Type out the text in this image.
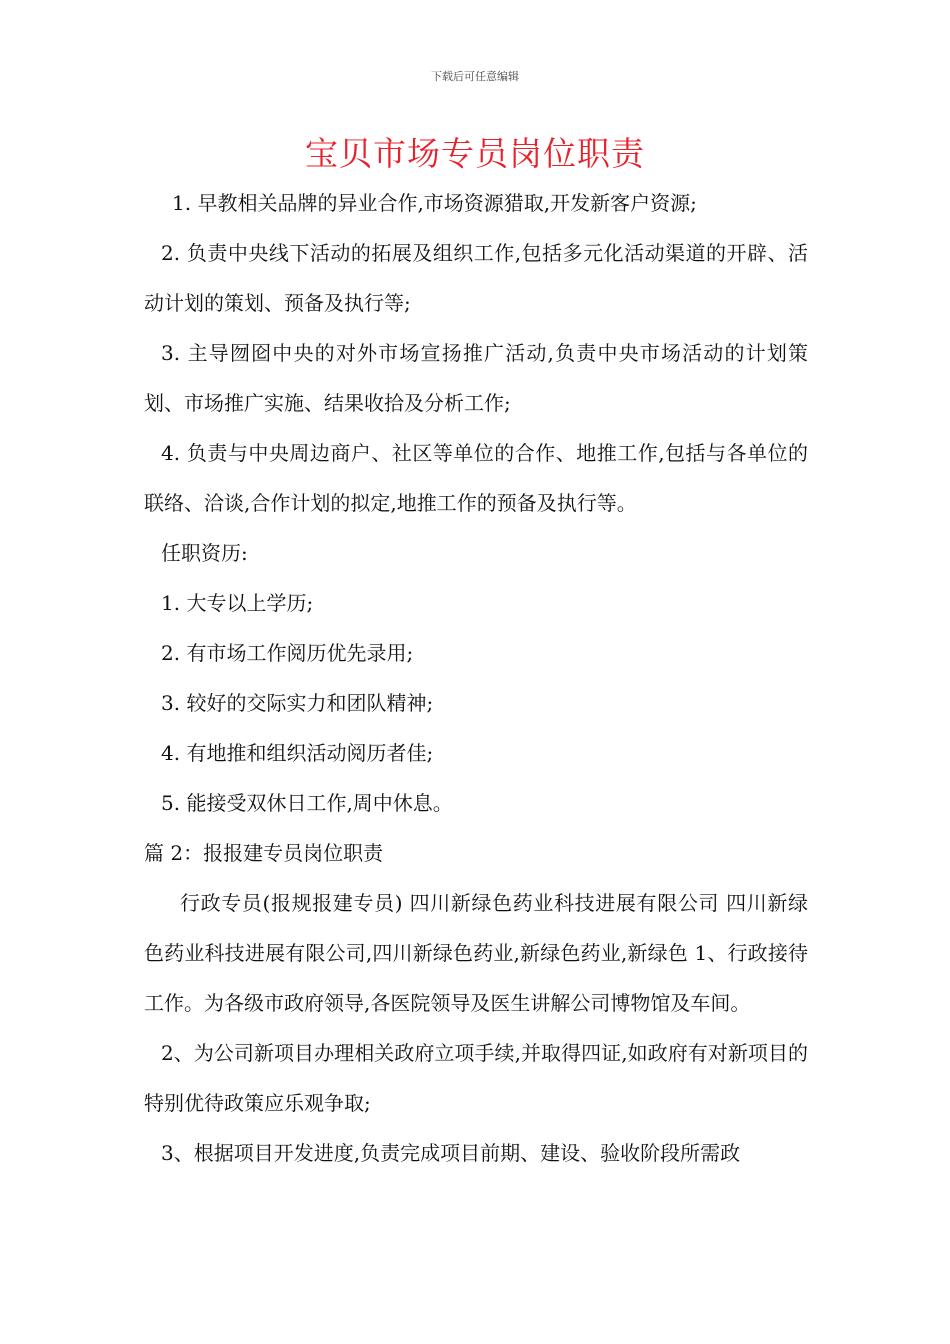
下载后可任意编辑
宝贝市场专员岗位职责

1. 早教相关品牌的异业合作,市场资源猎取,开发新客户资源;

2. 负责中央线下活动的拓展及组织工作,包括多元化活动渠道的开辟、活动计划的策划、预备及执行等;

3. 主导囫囵中央的对外市场宣扬推广活动,负责中央市场活动的计划策划、市场推广实施、结果收拾及分析工作;

4. 负责与中央周边商户、社区等单位的合作、地推工作,包括与各单位的联络、洽谈,合作计划的拟定,地推工作的预备及执行等。

任职资历:

1. 大专以上学历;

2. 有市场工作阅历优先录用;

3. 较好的交际实力和团队精神;

4. 有地推和组织活动阅历者佳;

5. 能接受双休日工作,周中休息。

篇 2：报报建专员岗位职责

行政专员(报规报建专员) 四川新绿色药业科技进展有限公司 四川新绿色药业科技进展有限公司,四川新绿色药业,新绿色药业,新绿色 1、行政接待工作。为各级市政府领导,各医院领导及医生讲解公司博物馆及车间。

2、为公司新项目办理相关政府立项手续,并取得四证,如政府有对新项目的特别优待政策应乐观争取;

3、根据项目开发进度,负责完成项目前期、建设、验收阶段所需政
